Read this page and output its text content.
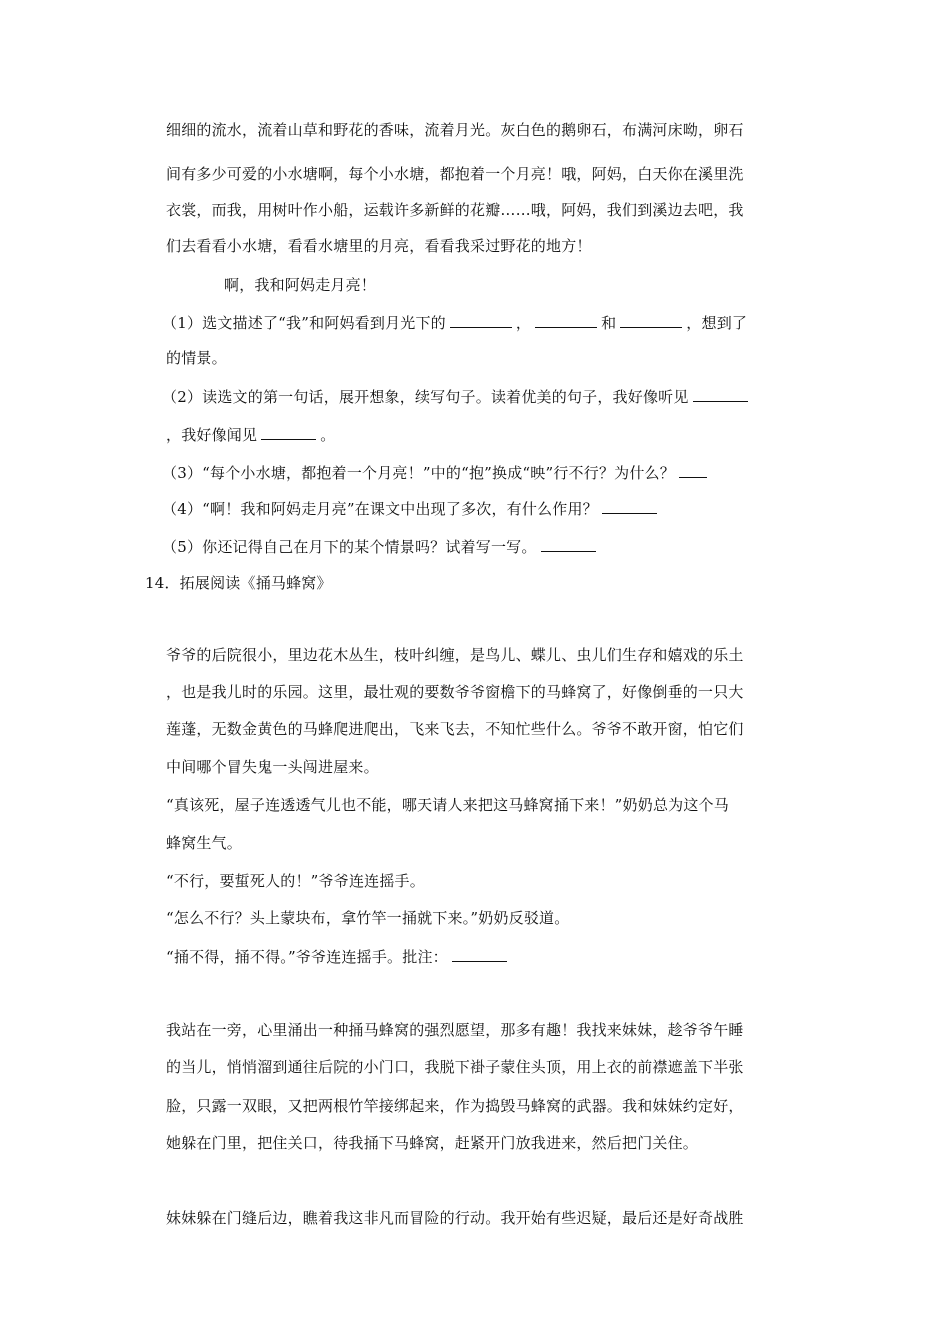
细细的流水，流着山草和野花的香味，流着月光。灰白色的鹅卵石，布满河床呦，卵石
间有多少可爱的小水塘啊，每个小水塘，都抱着一个月亮！哦，阿妈，白天你在溪里洗
衣裳，而我，用树叶作小船，运载许多新鲜的花瓣……哦，阿妈，我们到溪边去吧，我
们去看看小水塘，看看水塘里的月亮，看看我采过野花的地方！
啊，我和阿妈走月亮！
（1）选文描述了“我”和阿妈看到月光下的	，	和	，想到了
的情景。
（2）读选文的第一句话，展开想象，续写句子。读着优美的句子，我好像听见
，我好像闻见	。
（3）“每个小水塘，都抱着一个月亮！”中的“抱”换成“映”行不行？为什么？
（4）“啊！我和阿妈走月亮”在课文中出现了多次，有什么作用？
（5）你还记得自己在月下的某个情景吗？试着写一写。
14．拓展阅读《捅马蜂窝》
爷爷的后院很小，里边花木丛生，枝叶纠缠，是鸟儿、蝶儿、虫儿们生存和嬉戏的乐土
，也是我儿时的乐园。这里，最壮观的要数爷爷窗檐下的马蜂窝了，好像倒垂的一只大
莲蓬，无数金黄色的马蜂爬进爬出，飞来飞去，不知忙些什么。爷爷不敢开窗，怕它们
中间哪个冒失鬼一头闯进屋来。
“真该死，屋子连透透气儿也不能，哪天请人来把这马蜂窝捅下来！”奶奶总为这个马
蜂窝生气。
“不行，要蜇死人的！”爷爷连连摇手。
“怎么不行？头上蒙块布，拿竹竿一捅就下来。”奶奶反驳道。
“捅不得，捅不得。”爷爷连连摇手。批注：
我站在一旁，心里涌出一种捅马蜂窝的强烈愿望，那多有趣！我找来妹妹，趁爷爷午睡
的当儿，悄悄溜到通往后院的小门口，我脱下褂子蒙住头顶，用上衣的前襟遮盖下半张
脸，只露一双眼，又把两根竹竿接绑起来，作为捣毁马蜂窝的武器。我和妹妹约定好，
她躲在门里，把住关口，待我捅下马蜂窝，赶紧开门放我进来，然后把门关住。
妹妹躲在门缝后边，瞧着我这非凡而冒险的行动。我开始有些迟疑，最后还是好奇战胜
